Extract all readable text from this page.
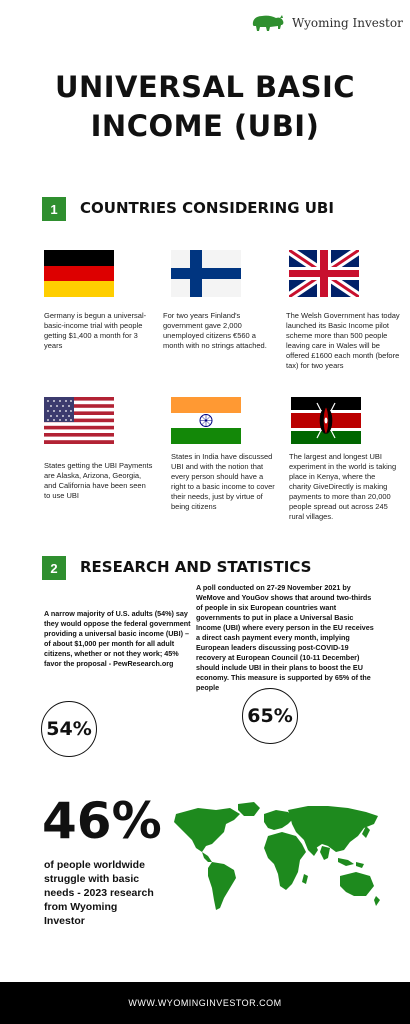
Wyoming Investor
UNIVERSAL BASIC
INCOME (UBI)
1	COUNTRIES CONSIDERING UBI
Germany is begun a universal-basic-income trial with people getting $1,400 a month for 3 years
For two years Finland's government gave 2,000 unemployed citizens €560 a month with no strings attached.
The Welsh Government has today launched its Basic Income pilot scheme more than 500 people leaving care in Wales will be offered £1600 each month (before tax) for two years
States getting the UBI Payments are Alaska, Arizona, Georgia, and California have been seen to use UBI
States in India have discussed UBI and with the notion that every person should have a right to a basic income to cover their needs, just by virtue of being citizens
The largest and longest UBI experiment in the world is taking place in Kenya, where the charity GiveDirectly is making payments to more than 20,000 people spread out across 245 rural villages.
2	RESEARCH AND STATISTICS
A narrow majority of U.S. adults (54%) say they would oppose the federal government providing a universal basic income (UBI) – of about $1,000 per month for all adult citizens, whether or not they work; 45% favor the proposal - PewResearch.org
54%
A poll conducted on 27-29 November 2021 by WeMove and YouGov shows that around two-thirds of people in six European countries want governments to put in place a Universal Basic Income (UBI) where every person in the EU receives a direct cash payment every month, implying European leaders discussing post-COVID-19 recovery at European Council (10-11 December) should include UBI in their plans to boost the EU economy. This measure is supported by 65% of the people
65%
46%
of people worldwide struggle with basic needs - 2023 research from Wyoming Investor
WWW.WYOMINGINVESTOR.COM
